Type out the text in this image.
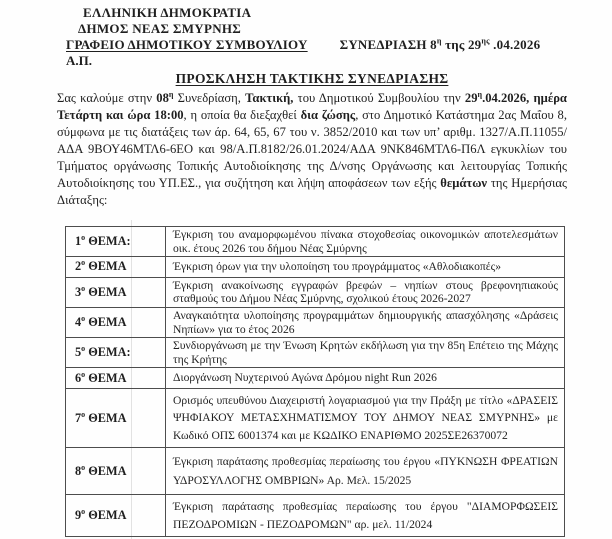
ΕΛΛΗΝΙΚΗ ΔΗΜΟΚΡΑΤΙΑ
ΔΗΜΟΣ ΝΕΑΣ ΣΜΥΡΝΗΣ
ΓΡΑΦΕΙΟ ΔΗΜΟΤΙΚΟΥ ΣΥΜΒΟΥΛΙΟΥ ΣΥΝΕΔΡΙΑΣΗ $8^\eta$ της $29^{\eta\varsigma}$ .04.2026
Α.Π.
ΠΡΟΣΚΛΗΣΗ ΤΑΚΤΙΚΗΣ ΣΥΝΕΔΡΙΑΣΗΣ

Σας καλούμε στην $08^\eta$ Συνεδρίαση, Τακτική, του Δημοτικού Συμβουλίου την $29^\eta.04.2026$, ημέρα Τετάρτη και ώρα 18:00, η οποία θα διεξαχθεί δια ζώσης, στο Δημοτικό Κατάστημα 2ας Μαΐου 8, σύμφωνα με τις διατάξεις των άρ. 64, 65, 67 του ν. 3852/2010 και των υπ’ αριθμ. 1327/Α.Π.11055/ΑΔΑ 9ΒΟΥ46ΜΤΛ6-6ΕΟ και 98/Α.Π.8182/26.01.2024/ΑΔΑ 9ΝΚ846ΜΤΛ6-Π6Λ εγκυκλίων του Τμήματος οργάνωσης Τοπικής Αυτοδιοίκησης της Δ/νσης Οργάνωσης και λειτουργίας Τοπικής Αυτοδιοίκησης του ΥΠ.ΕΣ., για συζήτηση και λήψη αποφάσεων των εξής θεμάτων της Ημερήσιας Διάταξης:

$1^o$ ΘΕΜΑ:	Έγκριση του αναμορφωμένου πίνακα στοχοθεσίας οικονομικών αποτελεσμάτων οικ. έτους 2026 του δήμου Νέας Σμύρνης
$2^o$ ΘΕΜΑ	Έγκριση όρων για την υλοποίηση του προγράμματος «Αθλοδιακοπές»
$3^o$ ΘΕΜΑ	Έγκριση ανακοίνωσης εγγραφών βρεφών – νηπίων στους βρεφονηπιακούς σταθμούς του Δήμου Νέας Σμύρνης, σχολικού έτους 2026-2027
$4^o$ ΘΕΜΑ	Αναγκαιότητα υλοποίησης προγραμμάτων δημιουργικής απασχόλησης «Δράσεις Νηπίων» για το έτος 2026
$5^o$ ΘΕΜΑ:	Συνδιοργάνωση με την Ένωση Κρητών εκδήλωση για την 85η Επέτειο της Μάχης της Κρήτης
$6^o$ ΘΕΜΑ	Διοργάνωση Νυχτερινού Αγώνα Δρόμου night Run 2026
$7^o$ ΘΕΜΑ	Ορισμός υπευθύνου Διαχειριστή λογαριασμού για την Πράξη με τίτλο «ΔΡΑΣΕΙΣ ΨΗΦΙΑΚΟΥ ΜΕΤΑΣΧΗΜΑΤΙΣΜΟΥ ΤΟΥ ΔΗΜΟΥ ΝΕΑΣ ΣΜΥΡΝΗΣ» με Κωδικό ΟΠΣ 6001374 και με ΚΩΔΙΚΟ ΕΝΑΡΙΘΜΟ 2025ΣΕ26370072
$8^o$ ΘΕΜΑ	Έγκριση παράτασης προθεσμίας περαίωσης του έργου «ΠΥΚΝΩΣΗ ΦΡΕΑΤΙΩΝ ΥΔΡΟΣΥΛΛΟΓΗΣ ΟΜΒΡΙΩΝ» Αρ. Μελ. 15/2025
$9^o$ ΘΕΜΑ	Έγκριση παράτασης προθεσμίας περαίωσης του έργου "ΔΙΑΜΟΡΦΩΣΕΙΣ ΠΕΖΟΔΡΟΜΙΩΝ - ΠΕΖΟΔΡΟΜΩΝ" αρ. μελ. 11/2024
